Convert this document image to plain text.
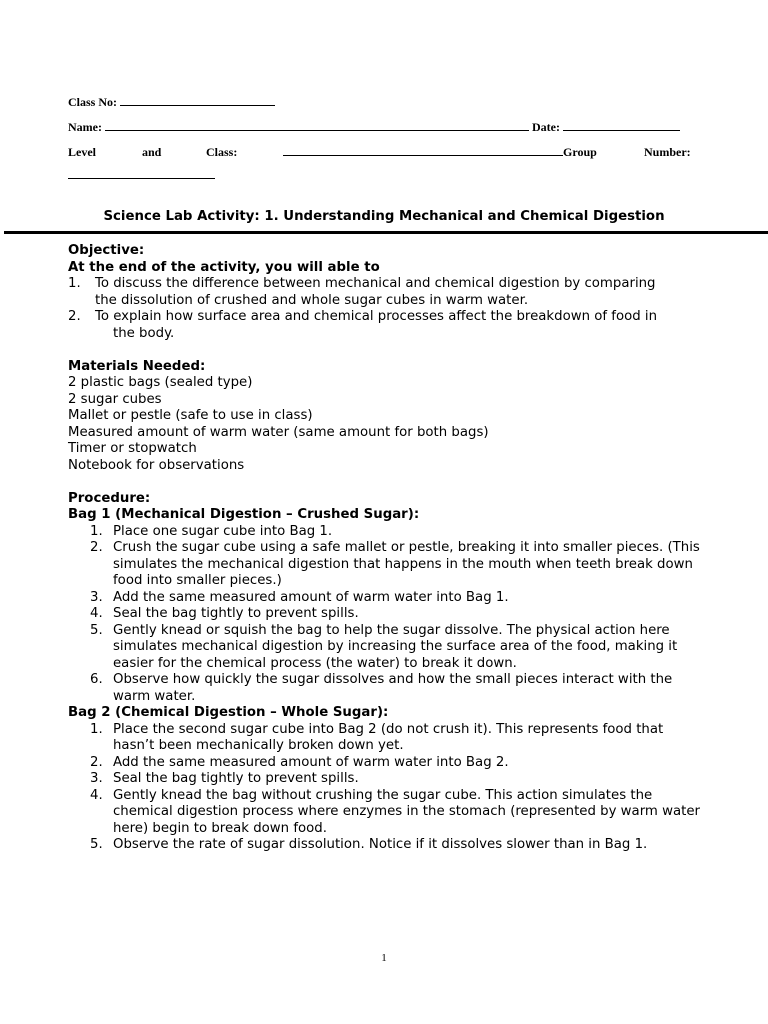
Class No:
Name:	Date:
Level	and	Class:	Group	Number:
Science Lab Activity: 1. Understanding Mechanical and Chemical Digestion
Objective:
At the end of the activity, you will able to
1. To discuss the difference between mechanical and chemical digestion by comparing
the dissolution of crushed and whole sugar cubes in warm water.
2. To explain how surface area and chemical processes affect the breakdown of food in
the body.
Materials Needed:
2 plastic bags (sealed type)
2 sugar cubes
Mallet or pestle (safe to use in class)
Measured amount of warm water (same amount for both bags)
Timer or stopwatch
Notebook for observations
Procedure:
Bag 1 (Mechanical Digestion – Crushed Sugar):
1. Place one sugar cube into Bag 1.
2. Crush the sugar cube using a safe mallet or pestle, breaking it into smaller pieces. (This simulates the mechanical digestion that happens in the mouth when teeth break down food into smaller pieces.)
3. Add the same measured amount of warm water into Bag 1.
4. Seal the bag tightly to prevent spills.
5. Gently knead or squish the bag to help the sugar dissolve. The physical action here simulates mechanical digestion by increasing the surface area of the food, making it easier for the chemical process (the water) to break it down.
6. Observe how quickly the sugar dissolves and how the small pieces interact with the warm water.
Bag 2 (Chemical Digestion – Whole Sugar):
1. Place the second sugar cube into Bag 2 (do not crush it). This represents food that hasn’t been mechanically broken down yet.
2. Add the same measured amount of warm water into Bag 2.
3. Seal the bag tightly to prevent spills.
4. Gently knead the bag without crushing the sugar cube. This action simulates the chemical digestion process where enzymes in the stomach (represented by warm water here) begin to break down food.
5. Observe the rate of sugar dissolution. Notice if it dissolves slower than in Bag 1.
1
